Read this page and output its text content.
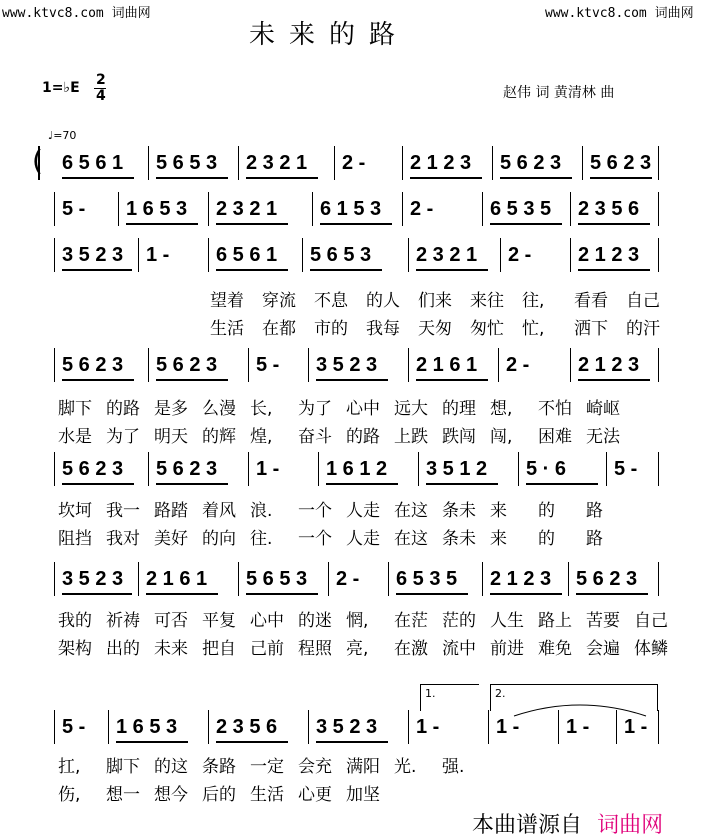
www.ktvc8.com 词曲网	www.ktvc8.com 词曲网
未来的路
1=♭E 2
4	赵伟 词 黄清林 曲
♩=70
6 5 6 1 5 6 5 3 2 3 2 1 2 - 2 1 2 3 5 6 2 3 5 6 2 3
5 - 1 6 5 3 2 3 2 1 6 1 5 3 2 -	6 5 3 5 2 3 5 6
3 5 2 3 1 - 6 5 6 1 5 6 5 3 2 3 2 1 2 - 2 1 2 3
望着 穿流 不息 的人 们来 来往 往, 看看 自己
生活 在都 市的 我每 天匆 匆忙 忙, 洒下 的汗
5 6 2 3 5 6 2 3 5 - 3 5 2 3 2 1 6 1 2 - 2 1 2 3
脚下 的路 是多 么漫 长, 为了 心中 远大 的理 想, 不怕 崎岖
水是 为了 明天 的辉 煌, 奋斗 的路 上跌 跌闯 闯, 困难 无法
5 6 2 3 5 6 2 3 1 - 1 6 1 2 3 5 1 2 5 · 6 5 -
坎坷 我一 路踏 着风 浪. 一个 人走 在这 条未 来 的 路
阻挡 我对 美好 的向 往. 一个 人走 在这 条未 来 的 路
3 5 2 3 2 1 6 1 5 6 5 3 2 - 6 5 3 5 2 1 2 3 5 6 2 3
我的 祈祷 可否 平复 心中 的迷 惘, 在茫 茫的 人生 路上 苦要 自己
架构 出的 未来 把自 己前 程照 亮, 在激 流中 前进 难免 会遍 体鳞
5 - 1 6 5 3 2 3 5 6 3 5 2 3 1 -	1 - 1 - 1 -
扛, 脚下 的这 条路 一定 会充 满阳 光. 强.
伤, 想一 想今 后的 生活 心更 加坚
(
1.	2.
本曲谱源自 词曲网
